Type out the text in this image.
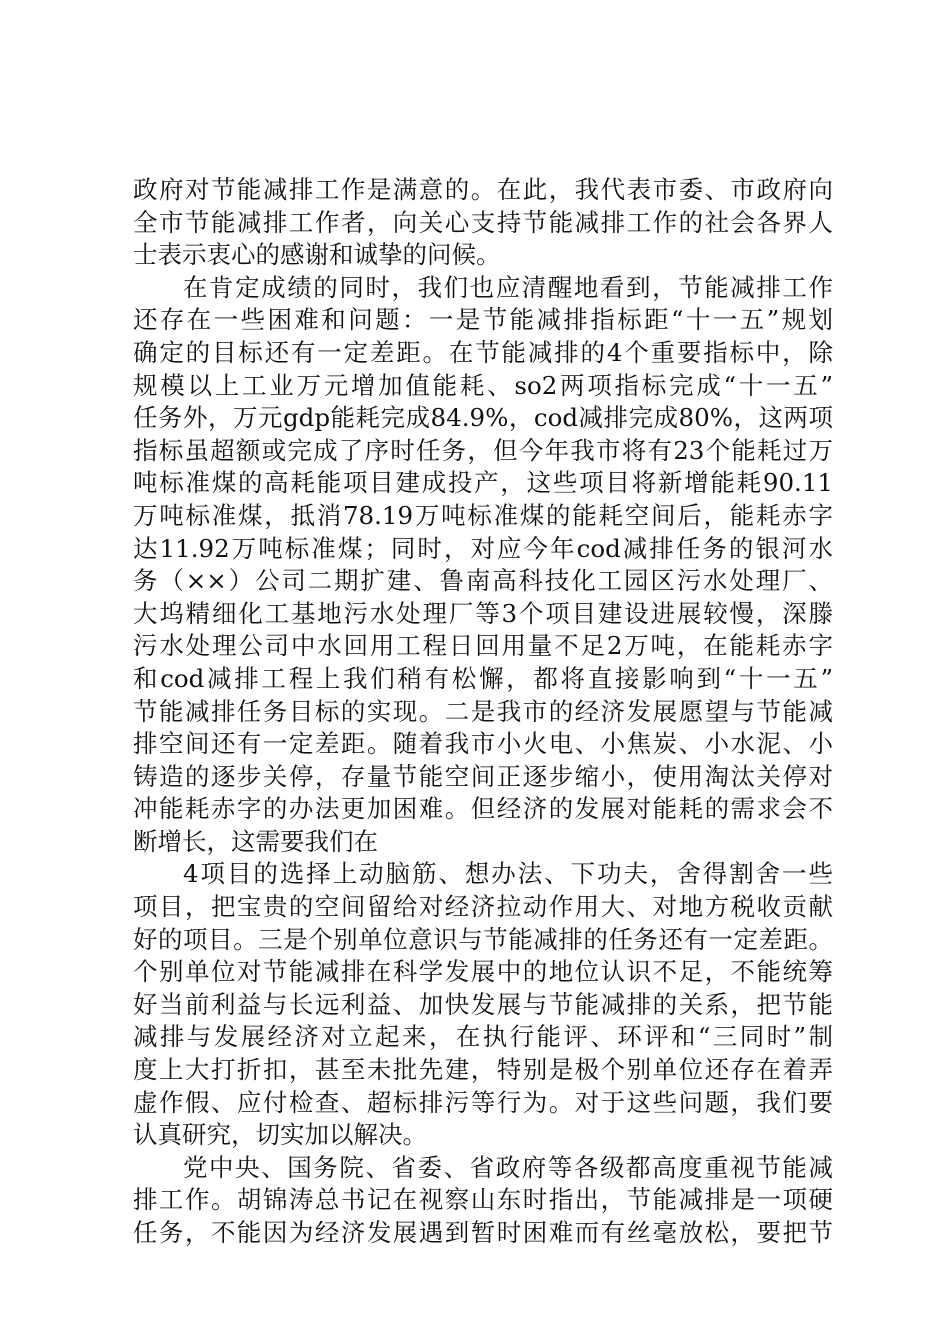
政府对节能减排工作是满意的。在此，我代表市委、市政府向
全市节能减排工作者，向关心支持节能减排工作的社会各界人
士表示衷心的感谢和诚挚的问候。
在肯定成绩的同时，我们也应清醒地看到，节能减排工作
还存在一些困难和问题：一是节能减排指标距“十一五”规划
确定的目标还有一定差距。在节能减排的4个重要指标中，除
规模以上工业万元增加值能耗、so2两项指标完成“十一五”
任务外，万元gdp能耗完成84.9%，cod减排完成80%，这两项
指标虽超额或完成了序时任务，但今年我市将有23个能耗过万
吨标准煤的高耗能项目建成投产，这些项目将新增能耗90.11
万吨标准煤，抵消78.19万吨标准煤的能耗空间后，能耗赤字
达11.92万吨标准煤；同时，对应今年cod减排任务的银河水
务（××）公司二期扩建、鲁南高科技化工园区污水处理厂、
大坞精细化工基地污水处理厂等3个项目建设进展较慢，深滕
污水处理公司中水回用工程日回用量不足2万吨，在能耗赤字
和cod减排工程上我们稍有松懈，都将直接影响到“十一五”
节能减排任务目标的实现。二是我市的经济发展愿望与节能减
排空间还有一定差距。随着我市小火电、小焦炭、小水泥、小
铸造的逐步关停，存量节能空间正逐步缩小，使用淘汰关停对
冲能耗赤字的办法更加困难。但经济的发展对能耗的需求会不
断增长，这需要我们在
4项目的选择上动脑筋、想办法、下功夫，舍得割舍一些
项目，把宝贵的空间留给对经济拉动作用大、对地方税收贡献
好的项目。三是个别单位意识与节能减排的任务还有一定差距。
个别单位对节能减排在科学发展中的地位认识不足，不能统筹
好当前利益与长远利益、加快发展与节能减排的关系，把节能
减排与发展经济对立起来，在执行能评、环评和“三同时”制
度上大打折扣，甚至未批先建，特别是极个别单位还存在着弄
虚作假、应付检查、超标排污等行为。对于这些问题，我们要
认真研究，切实加以解决。
党中央、国务院、省委、省政府等各级都高度重视节能减
排工作。胡锦涛总书记在视察山东时指出，节能减排是一项硬
任务，不能因为经济发展遇到暂时困难而有丝毫放松，要把节
